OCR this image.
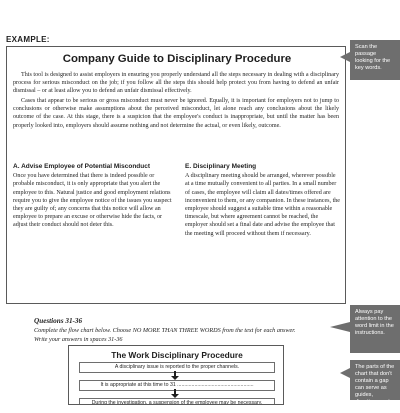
EXAMPLE:
Company Guide to Disciplinary Procedure
This tool is designed to assist employers in ensuring you properly understand all the steps necessary in dealing with a disciplinary process for serious misconduct on the job; if you follow all the steps this should help protect you from having to defend an unfair dismissal – or at least allow you to defend an unfair dismissal effectively.
Cases that appear to be serious or gross misconduct must never be ignored. Equally, it is important for employers not to jump to conclusions or otherwise make assumptions about the perceived misconduct, let alone reach any conclusions about the likely outcome of the case. At this stage, there is a suspicion that the employee's conduct is inappropriate, but until the matter has been properly looked into, employers should assume nothing and not determine the actual, or even likely, outcome.
A. Advise Employee of Potential Misconduct
Once you have determined that there is indeed possible or probable misconduct, it is only appropriate that you alert the employee to this. Natural justice and good employment relations require you to give the employee notice of the issues you suspect they are guilty of; any concerns that this notice will allow an employee to prepare an excuse or otherwise hide the facts, or adjust their conduct should not deter this.
E. Disciplinary Meeting
A disciplinary meeting should be arranged, wherever possible at a time mutually convenient to all parties. In a small number of cases, the employee will claim all dates/times offered are inconvenient to them, or any companion. In these instances, the employee should suggest a suitable time within a reasonable timescale, but where agreement cannot be reached, the employer should set a final date and advise the employee that the meeting will proceed without them if necessary.
Scan the passage looking for the key words.
Always pay attention to the word limit in the instructions.
The parts of the chart that don't contain a gap can serve as guides, directing you to the appropriate
Questions 31-36
Complete the flow chart below. Choose NO MORE THAN THREE WORDS from the text for each answer.
Write your answers in spaces 31-36
The Work Disciplinary Procedure
A disciplinary issue is reported to the proper channels.
It is appropriate at this time to 31 .....................................................
During the investigation, a suspension of the employee may be necessary.
